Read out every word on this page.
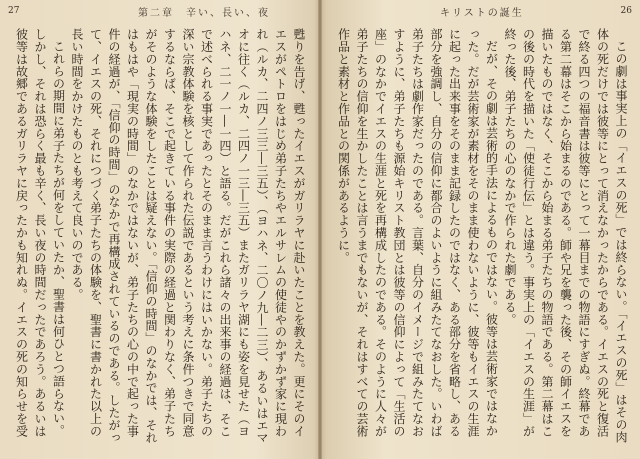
27	第二章　辛い、長い、夜

甦りを告げ、甦ったイエスがガリラヤに赴いたことを教えた。更にそのイエスがペトロをはじめ弟子たちやエルサレムの使徒やのかずかず家に現われ（ルカ、二四ノ三三―三五）、（ヨハネ、二〇ノ九―二三）、あるいはエマオに往く（ルカ、二四ノ一三―三五）またガリラヤ湖にも姿を見せた（ヨハネ、二一ノ一―一四）と語る。だがこれら諸々の出来事の経過は、そこで述べられる事実であったとそのまま言うわけにはいかない。弟子たちの深い宗教体験を核として作られた伝説であるという考えに条件つきで同意するならば、そこで起きている事件の実際の経過と関わりなく、弟子たちがそのような体験をしたことは疑えない。「信仰の時間」のなかでは、それはもはや「現実の時間」のなかではないが、弟子たちの心の中で起った事件の経過が、「信仰の時間」のなかで再構成されているのである。したがって、イエスの死、それにつづく弟子たちの体験を、聖書に書かれた以上の長い時間をかけたものとも考えて良いのである。

これらの期間に弟子たちが何をしていたか、聖書は何ひとつ語らない。しかし、それは恐らく最も辛く、長い夜の時間だったであろう。あるいは彼等は故郷であるガリラヤに戻ったかも知れぬ。イエスの死の知らせを受

26
キリストの誕生

この劇は事実上の「イエスの死」では終らない。「イエスの死」はその肉体の死だけでは彼等にとって消えなかったからである。イエスの死と復活で終る四つの福音書は彼等にとって一幕目までの物語にすぎぬ。終幕である第二幕はそこから始まるのである。師や兄を襲った後、その師イエスを描いたものではなく、そこから始まる弟子たちの物語である。第二幕はこの後の時代を描いた「使徒行伝」とは違う。事実上の「イエスの生涯」が終った後、弟子たちの心のなかで作られた劇である。

だが、その劇は芸術的手法によるものではない。彼等は芸術家ではなかった。だが芸術家が素材をそのまま使わないように、彼等もイエスの生涯に起った出来事をそのまま記録したのではなく、ある部分を省略し、ある部分を強調し、自分の信仰に都合のよいように組みたてなおした。いわば弟子たちは劇作家だったのである。言葉、自分のイメージで組みたてなおすように、弟子たちも源始キリスト教団とは彼等の信仰によって「生活の座」のなかでイエスの生涯と死を再構成したのである。そのように人々が弟子たちの信仰を生かしたことは言うまでもないが、それはすべての芸術作品と素材と作品との関係があるように。
